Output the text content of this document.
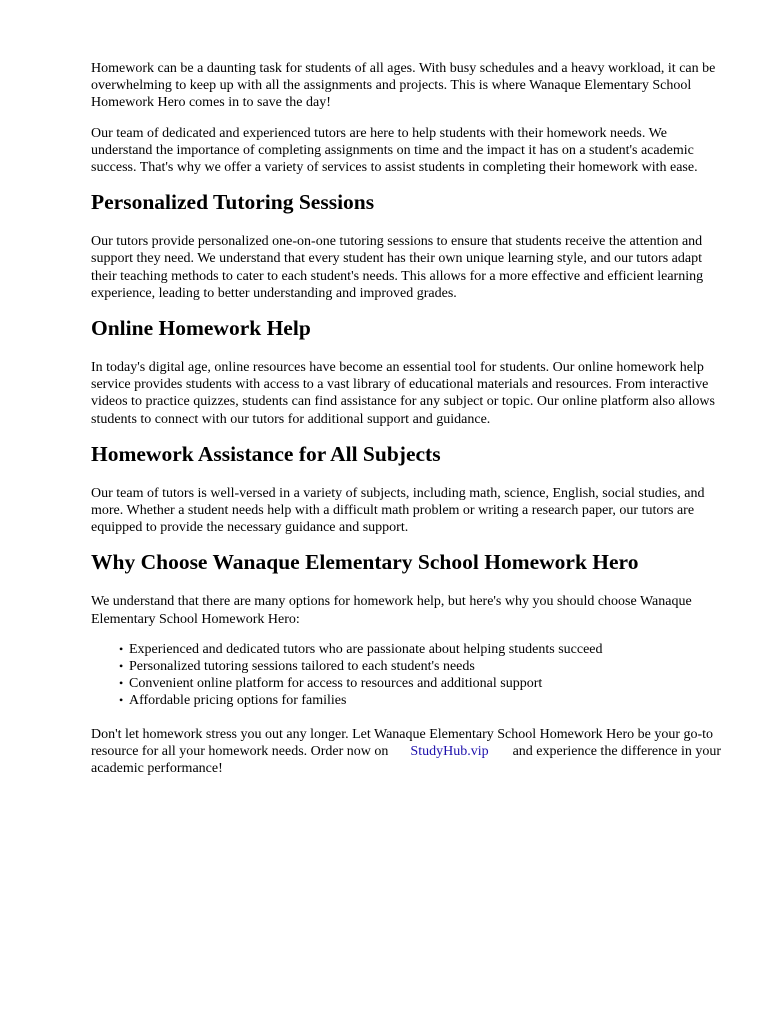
Homework can be a daunting task for students of all ages. With busy schedules and a heavy workload, it can be overwhelming to keep up with all the assignments and projects. This is where Wanaque Elementary School Homework Hero comes in to save the day!

Our team of dedicated and experienced tutors are here to help students with their homework needs. We understand the importance of completing assignments on time and the impact it has on a student's academic success. That's why we offer a variety of services to assist students in completing their homework with ease.

Personalized Tutoring Sessions

Our tutors provide personalized one-on-one tutoring sessions to ensure that students receive the attention and support they need. We understand that every student has their own unique learning style, and our tutors adapt their teaching methods to cater to each student's needs. This allows for a more effective and efficient learning experience, leading to better understanding and improved grades.

Online Homework Help

In today's digital age, online resources have become an essential tool for students. Our online homework help service provides students with access to a vast library of educational materials and resources. From interactive videos to practice quizzes, students can find assistance for any subject or topic. Our online platform also allows students to connect with our tutors for additional support and guidance.

Homework Assistance for All Subjects

Our team of tutors is well-versed in a variety of subjects, including math, science, English, social studies, and more. Whether a student needs help with a difficult math problem or writing a research paper, our tutors are equipped to provide the necessary guidance and support.

Why Choose Wanaque Elementary School Homework Hero

We understand that there are many options for homework help, but here's why you should choose Wanaque Elementary School Homework Hero:

• Experienced and dedicated tutors who are passionate about helping students succeed
• Personalized tutoring sessions tailored to each student's needs
• Convenient online platform for access to resources and additional support
• Affordable pricing options for families

Don't let homework stress you out any longer. Let Wanaque Elementary School Homework Hero be your go-to resource for all your homework needs. Order now on StudyHub.vip and experience the difference in your academic performance!
